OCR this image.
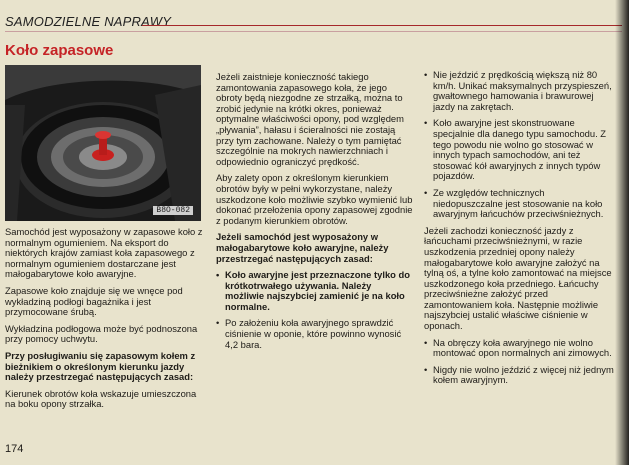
SAMODZIELNE NAPRAWY
Koło zapasowe
B8O-082

Samochód jest wyposażony w zapasowe koło z normalnym ogumieniem. Na eksport do niektórych krajów zamiast koła zapasowego z normalnym ogumieniem dostarczane jest małogabarytowe koło awaryjne.

Zapasowe koło znajduje się we wnęce pod wykładziną podłogi bagażnika i jest przymocowane śrubą.

Wykładzina podłogowa może być podnoszona przy pomocy uchwytu.

Przy posługiwaniu się zapasowym kołem z bieżnikiem o określonym kierunku jazdy należy przestrzegać następujących zasad:

Kierunek obrotów koła wskazuje umieszczona na boku opony strzałka.

Jeżeli zaistnieje konieczność takiego zamontowania zapasowego koła, że jego obroty będą niezgodne ze strzałką, można to zrobić jedynie na krótki okres, ponieważ optymalne właściwości opony, pod względem „pływania”, hałasu i ścieralności nie zostają przy tym zachowane. Należy o tym pamiętać szczególnie na mokrych nawierzchniach i odpowiednio ograniczyć prędkość.

Aby zalety opon z określonym kierunkiem obrotów były w pełni wykorzystane, należy uszkodzone koło możliwie szybko wymienić lub dokonać przełożenia opony zapasowej zgodnie z podanym kierunkiem obrotów.

Jeżeli samochód jest wyposażony w małogabarytowe koło awaryjne, należy przestrzegać następujących zasad:

• Koło awaryjne jest przeznaczone tylko do krótkotrwałego używania. Należy możliwie najszybciej zamienić je na koło normalne.

• Po założeniu koła awaryjnego sprawdzić ciśnienie w oponie, które powinno wynosić 4,2 bara.

• Nie jeździć z prędkością większą niż 80 km/h. Unikać maksymalnych przyspieszeń, gwałtownego hamowania i brawurowej jazdy na zakrętach.

• Koło awaryjne jest skonstruowane specjalnie dla danego typu samochodu. Z tego powodu nie wolno go stosować w innych typach samochodów, ani też stosować kół awaryjnych z innych typów pojazdów.

• Ze względów technicznych niedopuszczalne jest stosowanie na koło awaryjnym łańcuchów przeciwśnieżnych.

Jeżeli zachodzi konieczność jazdy z łańcuchami przeciwśnieżnymi, w razie uszkodzenia przedniej opony należy małogabarytowe koło awaryjne założyć na tylną oś, a tylne koło zamontować na miejsce uszkodzonego koła przedniego. Łańcuchy przeciwśnieżne założyć przed zamontowaniem koła. Następnie możliwie najszybciej ustalić właściwe ciśnienie w oponach.

• Na obręczy koła awaryjnego nie wolno montować opon normalnych ani zimowych.

• Nigdy nie wolno jeździć z więcej niż jednym kołem awaryjnym.

174
